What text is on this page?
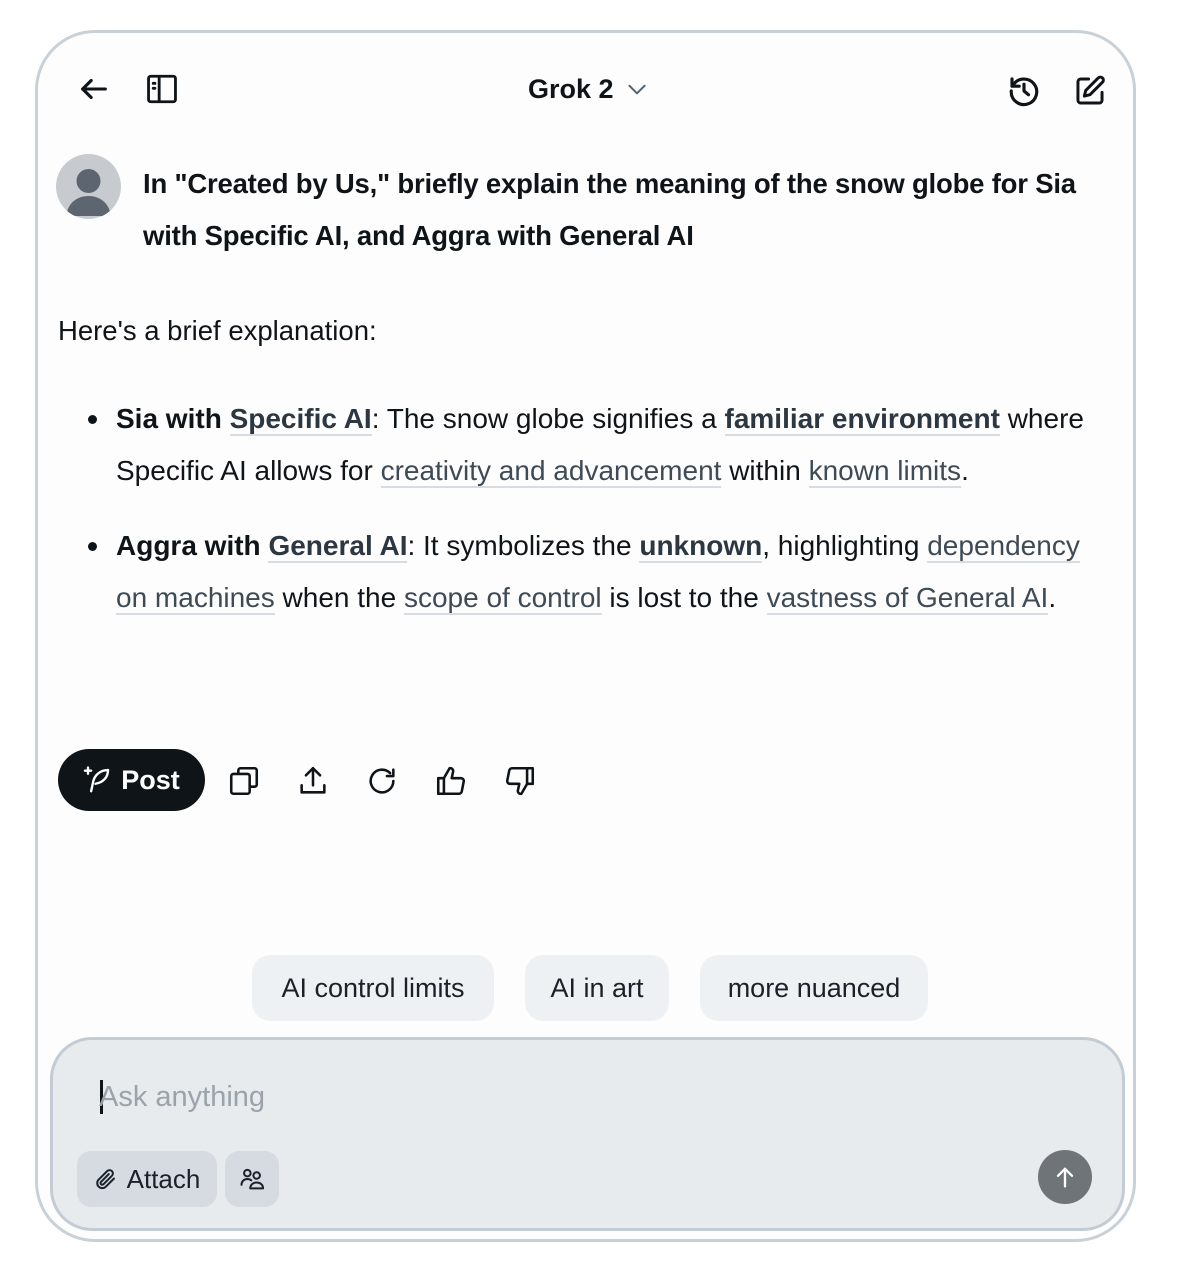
Grok 2
In "Created by Us," briefly explain the meaning of the snow globe for Sia with Specific AI, and Aggra with General AI
Here's a brief explanation:
Sia with Specific AI: The snow globe signifies a familiar environment where Specific AI allows for creativity and advancement within known limits.
Aggra with General AI: It symbolizes the unknown, highlighting dependency on machines when the scope of control is lost to the vastness of General AI.
Post
AI control limits	AI in art	more nuanced
Ask anything
Attach
